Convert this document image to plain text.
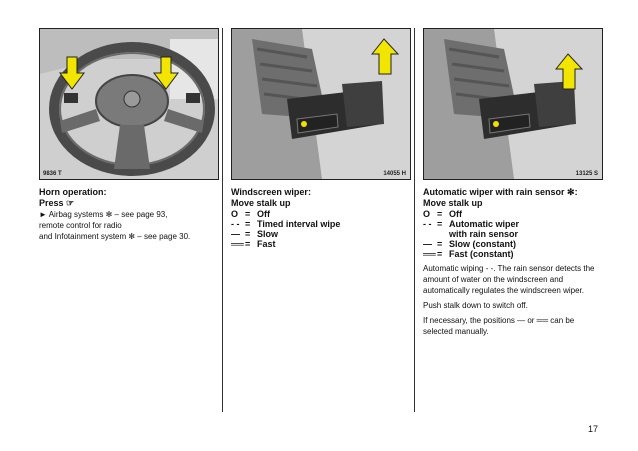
9836 T	14055 H	13125 S
Horn operation:
Press ☞
► Airbag systems ✻ – see page 93,
remote control for radio
and Infotainment system ✻ – see page 30.
Windscreen wiper:
Move stalk up
O = Off
‑ ‑ = Timed interval wipe
— = Slow
══ = Fast
Automatic wiper with rain sensor ✻:
Move stalk up
O = Off
‑ ‑ = Automatic wiper
with rain sensor
— = Slow (constant)
══ = Fast (constant)
Automatic wiping ‑ ‑. The rain sensor detects the amount of water on the windscreen and automatically regulates the windscreen wiper.
Push stalk down to switch off.
If necessary, the positions — or ══ can be selected manually.
17
